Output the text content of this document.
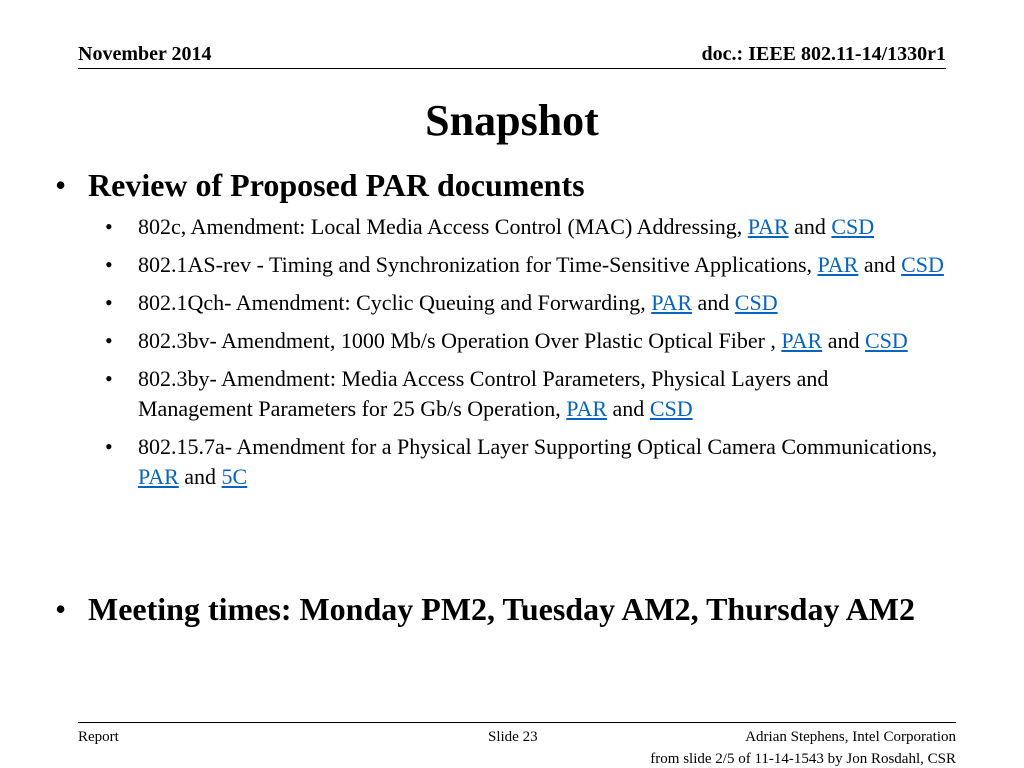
November 2014	doc.: IEEE 802.11-14/1330r1
Snapshot
• Review of Proposed PAR documents
• 802c, Amendment: Local Media Access Control (MAC) Addressing, PAR and CSD
• 802.1AS-rev - Timing and Synchronization for Time-Sensitive Applications, PAR and CSD
• 802.1Qch- Amendment: Cyclic Queuing and Forwarding, PAR and CSD
• 802.3bv- Amendment, 1000 Mb/s Operation Over Plastic Optical Fiber , PAR and CSD
• 802.3by- Amendment: Media Access Control Parameters, Physical Layers and Management Parameters for 25 Gb/s Operation, PAR and CSD
• 802.15.7a- Amendment for a Physical Layer Supporting Optical Camera Communications, PAR and 5C
• Meeting times: Monday PM2, Tuesday AM2, Thursday AM2
Report	Slide 23	Adrian Stephens, Intel Corporation
from slide 2/5 of 11-14-1543 by Jon Rosdahl, CSR
